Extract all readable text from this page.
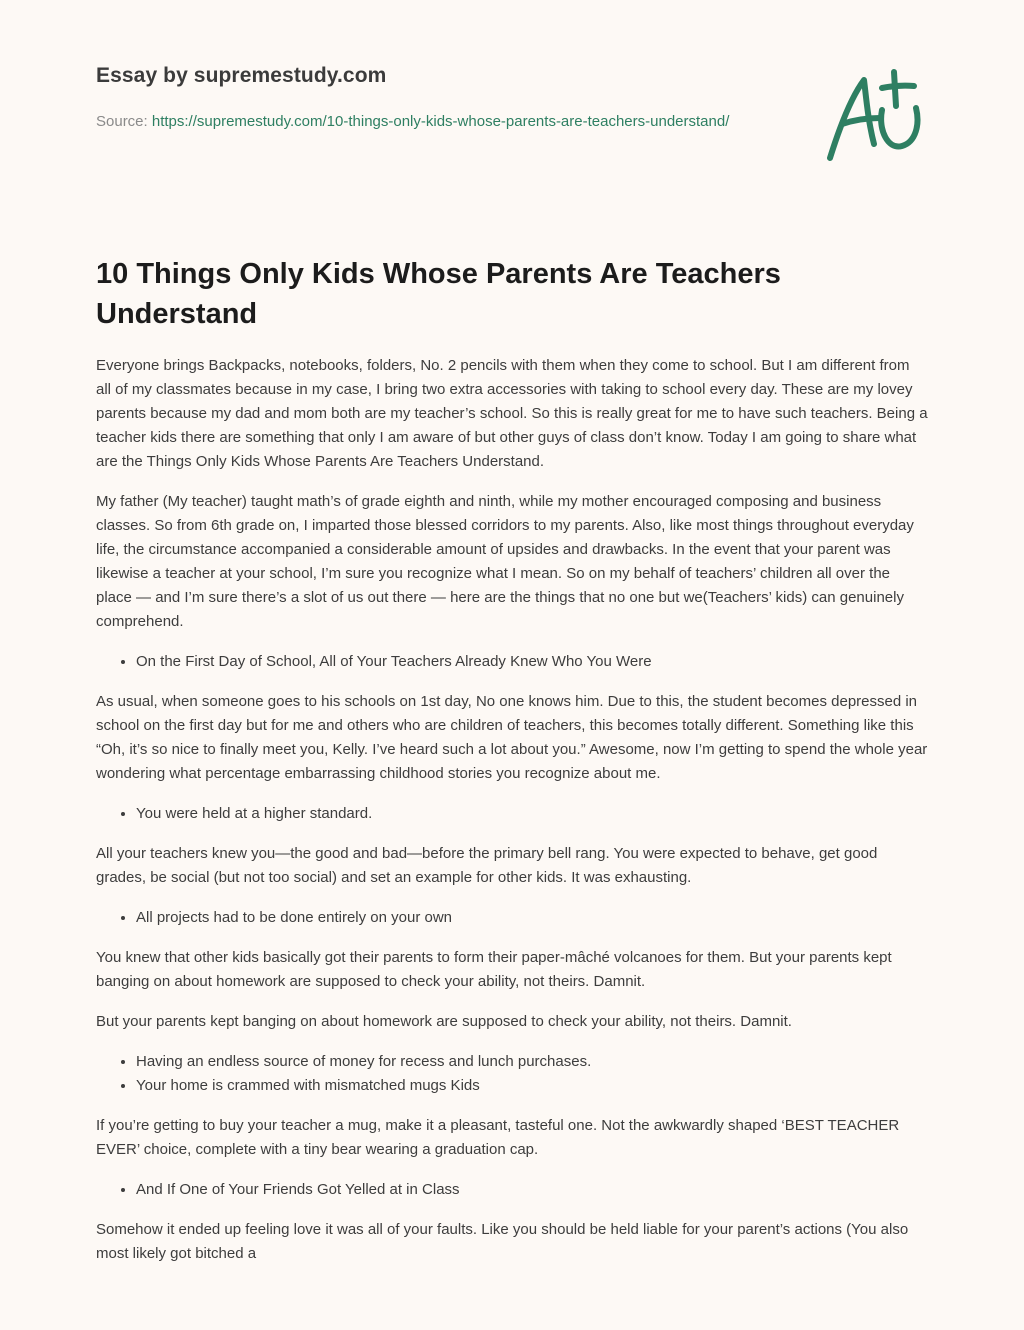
Essay by supremestudy.com
Source: https://supremestudy.com/10-things-only-kids-whose-parents-are-teachers-understand/
10 Things Only Kids Whose Parents Are Teachers Understand

Everyone brings Backpacks, notebooks, folders, No. 2 pencils with them when they come to school. But I am different from all of my classmates because in my case, I bring two extra accessories with taking to school every day. These are my lovey parents because my dad and mom both are my teacher’s school. So this is really great for me to have such teachers. Being a teacher kids there are something that only I am aware of but other guys of class don’t know. Today I am going to share what are the Things Only Kids Whose Parents Are Teachers Understand.

My father (My teacher) taught math’s of grade eighth and ninth, while my mother encouraged composing and business classes. So from 6th grade on, I imparted those blessed corridors to my parents. Also, like most things throughout everyday life, the circumstance accompanied a considerable amount of upsides and drawbacks. In the event that your parent was likewise a teacher at your school, I’m sure you recognize what I mean. So on my behalf of teachers’ children all over the place — and I’m sure there’s a slot of us out there — here are the things that no one but we(Teachers’ kids) can genuinely comprehend.

• On the First Day of School, All of Your Teachers Already Knew Who You Were

As usual, when someone goes to his schools on 1st day, No one knows him. Due to this, the student becomes depressed in school on the first day but for me and others who are children of teachers, this becomes totally different. Something like this “Oh, it’s so nice to finally meet you, Kelly. I’ve heard such a lot about you.” Awesome, now I’m getting to spend the whole year wondering what percentage embarrassing childhood stories you recognize about me.

• You were held at a higher standard.

All your teachers knew you—the good and bad—before the primary bell rang. You were expected to behave, get good grades, be social (but not too social) and set an example for other kids. It was exhausting.

• All projects had to be done entirely on your own

You knew that other kids basically got their parents to form their paper-mâché volcanoes for them. But your parents kept banging on about homework are supposed to check your ability, not theirs. Damnit.

But your parents kept banging on about homework are supposed to check your ability, not theirs. Damnit.

• Having an endless source of money for recess and lunch purchases.
• Your home is crammed with mismatched mugs Kids

If you’re getting to buy your teacher a mug, make it a pleasant, tasteful one. Not the awkwardly shaped ‘BEST TEACHER EVER’ choice, complete with a tiny bear wearing a graduation cap.

• And If One of Your Friends Got Yelled at in Class

Somehow it ended up feeling love it was all of your faults. Like you should be held liable for your parent’s actions (You also most likely got bitched a
